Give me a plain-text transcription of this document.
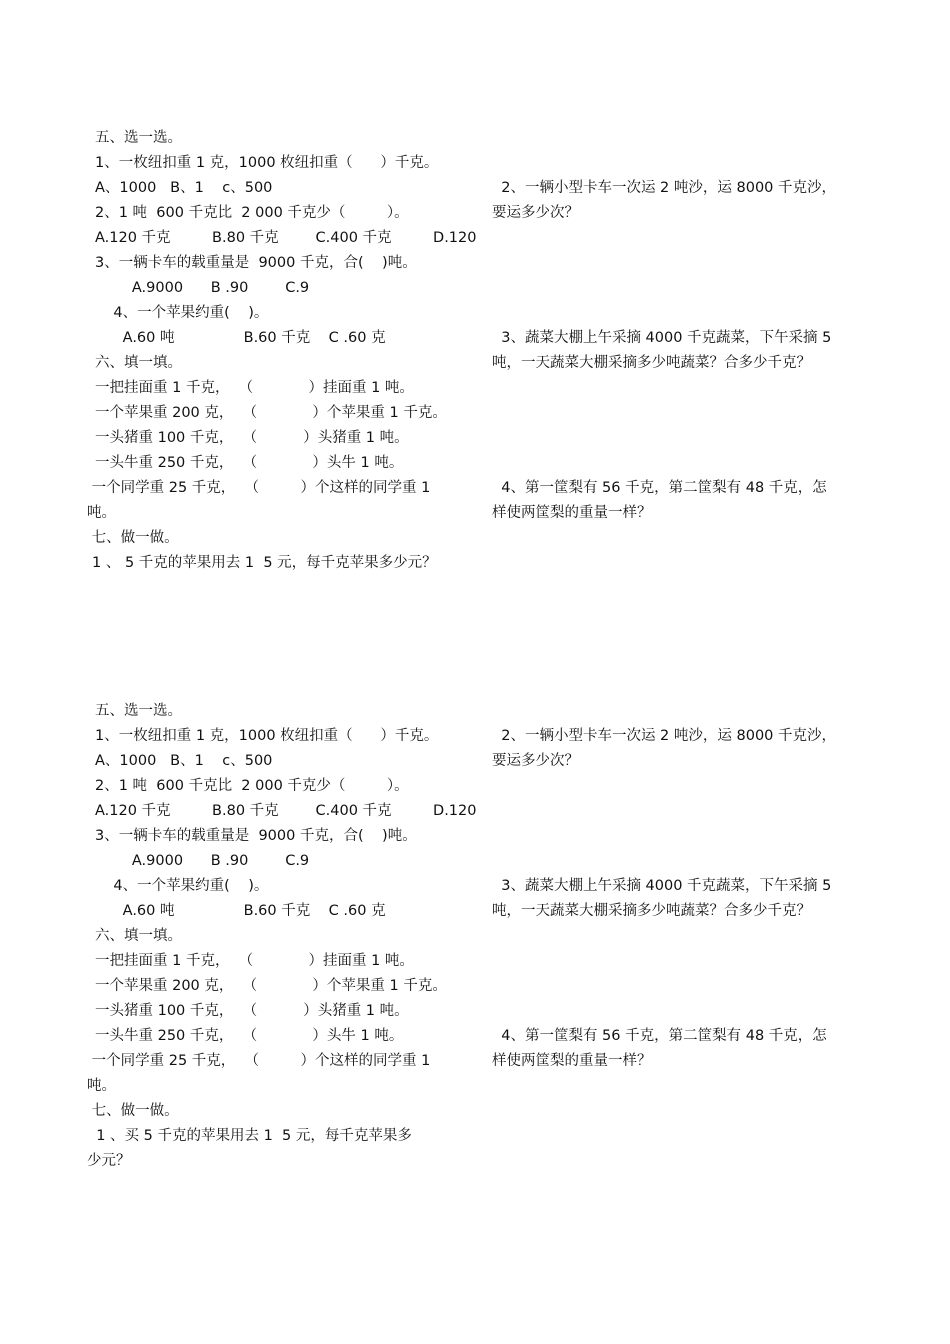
五、选一选。
1、一枚纽扣重 1 克，1000 枚纽扣重（      ）千克。
A、1000   B、1    c、500
2、1 吨  600 千克比  2 000 千克少（         ）。
A.120 千克         B.80 千克        C.400 千克         D.120
3、一辆卡车的载重量是  9000 千克，合(    )吨。
A.9000      B .90        C.9
4、一个苹果约重(    )。
A.60 吨               B.60 千克    C .60 克
六、填一填。
一把挂面重 1 千克，  （            ）挂面重 1 吨。
一个苹果重 200 克，  （            ）个苹果重 1 千克。
一头猪重 100 千克，  （          ）头猪重 1 吨。
一头牛重 250 千克，  （            ）头牛 1 吨。
一个同学重 25 千克，  （         ）个这样的同学重 1
吨。
七、做一做。
1 、 5 千克的苹果用去 1  5 元，每千克苹果多少元？
2、一辆小型卡车一次运 2 吨沙，运 8000 千克沙，
要运多少次？
3、蔬菜大棚上午采摘 4000 千克蔬菜，下午采摘 5
吨，一天蔬菜大棚采摘多少吨蔬菜？合多少千克？
4、第一筐梨有 56 千克，第二筐梨有 48 千克，怎
样使两筐梨的重量一样？
五、选一选。
1、一枚纽扣重 1 克，1000 枚纽扣重（      ）千克。
A、1000   B、1    c、500
2、1 吨  600 千克比  2 000 千克少（         ）。
A.120 千克         B.80 千克        C.400 千克         D.120
3、一辆卡车的载重量是  9000 千克，合(    )吨。
A.9000      B .90        C.9
4、一个苹果约重(    )。
A.60 吨               B.60 千克    C .60 克
六、填一填。
一把挂面重 1 千克，  （            ）挂面重 1 吨。
一个苹果重 200 克，  （            ）个苹果重 1 千克。
一头猪重 100 千克，  （          ）头猪重 1 吨。
一头牛重 250 千克，  （            ）头牛 1 吨。
一个同学重 25 千克，  （         ）个这样的同学重 1
吨。
七、做一做。
1 、买 5 千克的苹果用去 1  5 元，每千克苹果多
少元？
2、一辆小型卡车一次运 2 吨沙，运 8000 千克沙，
要运多少次？
3、蔬菜大棚上午采摘 4000 千克蔬菜，下午采摘 5
吨，一天蔬菜大棚采摘多少吨蔬菜？合多少千克？
4、第一筐梨有 56 千克，第二筐梨有 48 千克，怎
样使两筐梨的重量一样？
